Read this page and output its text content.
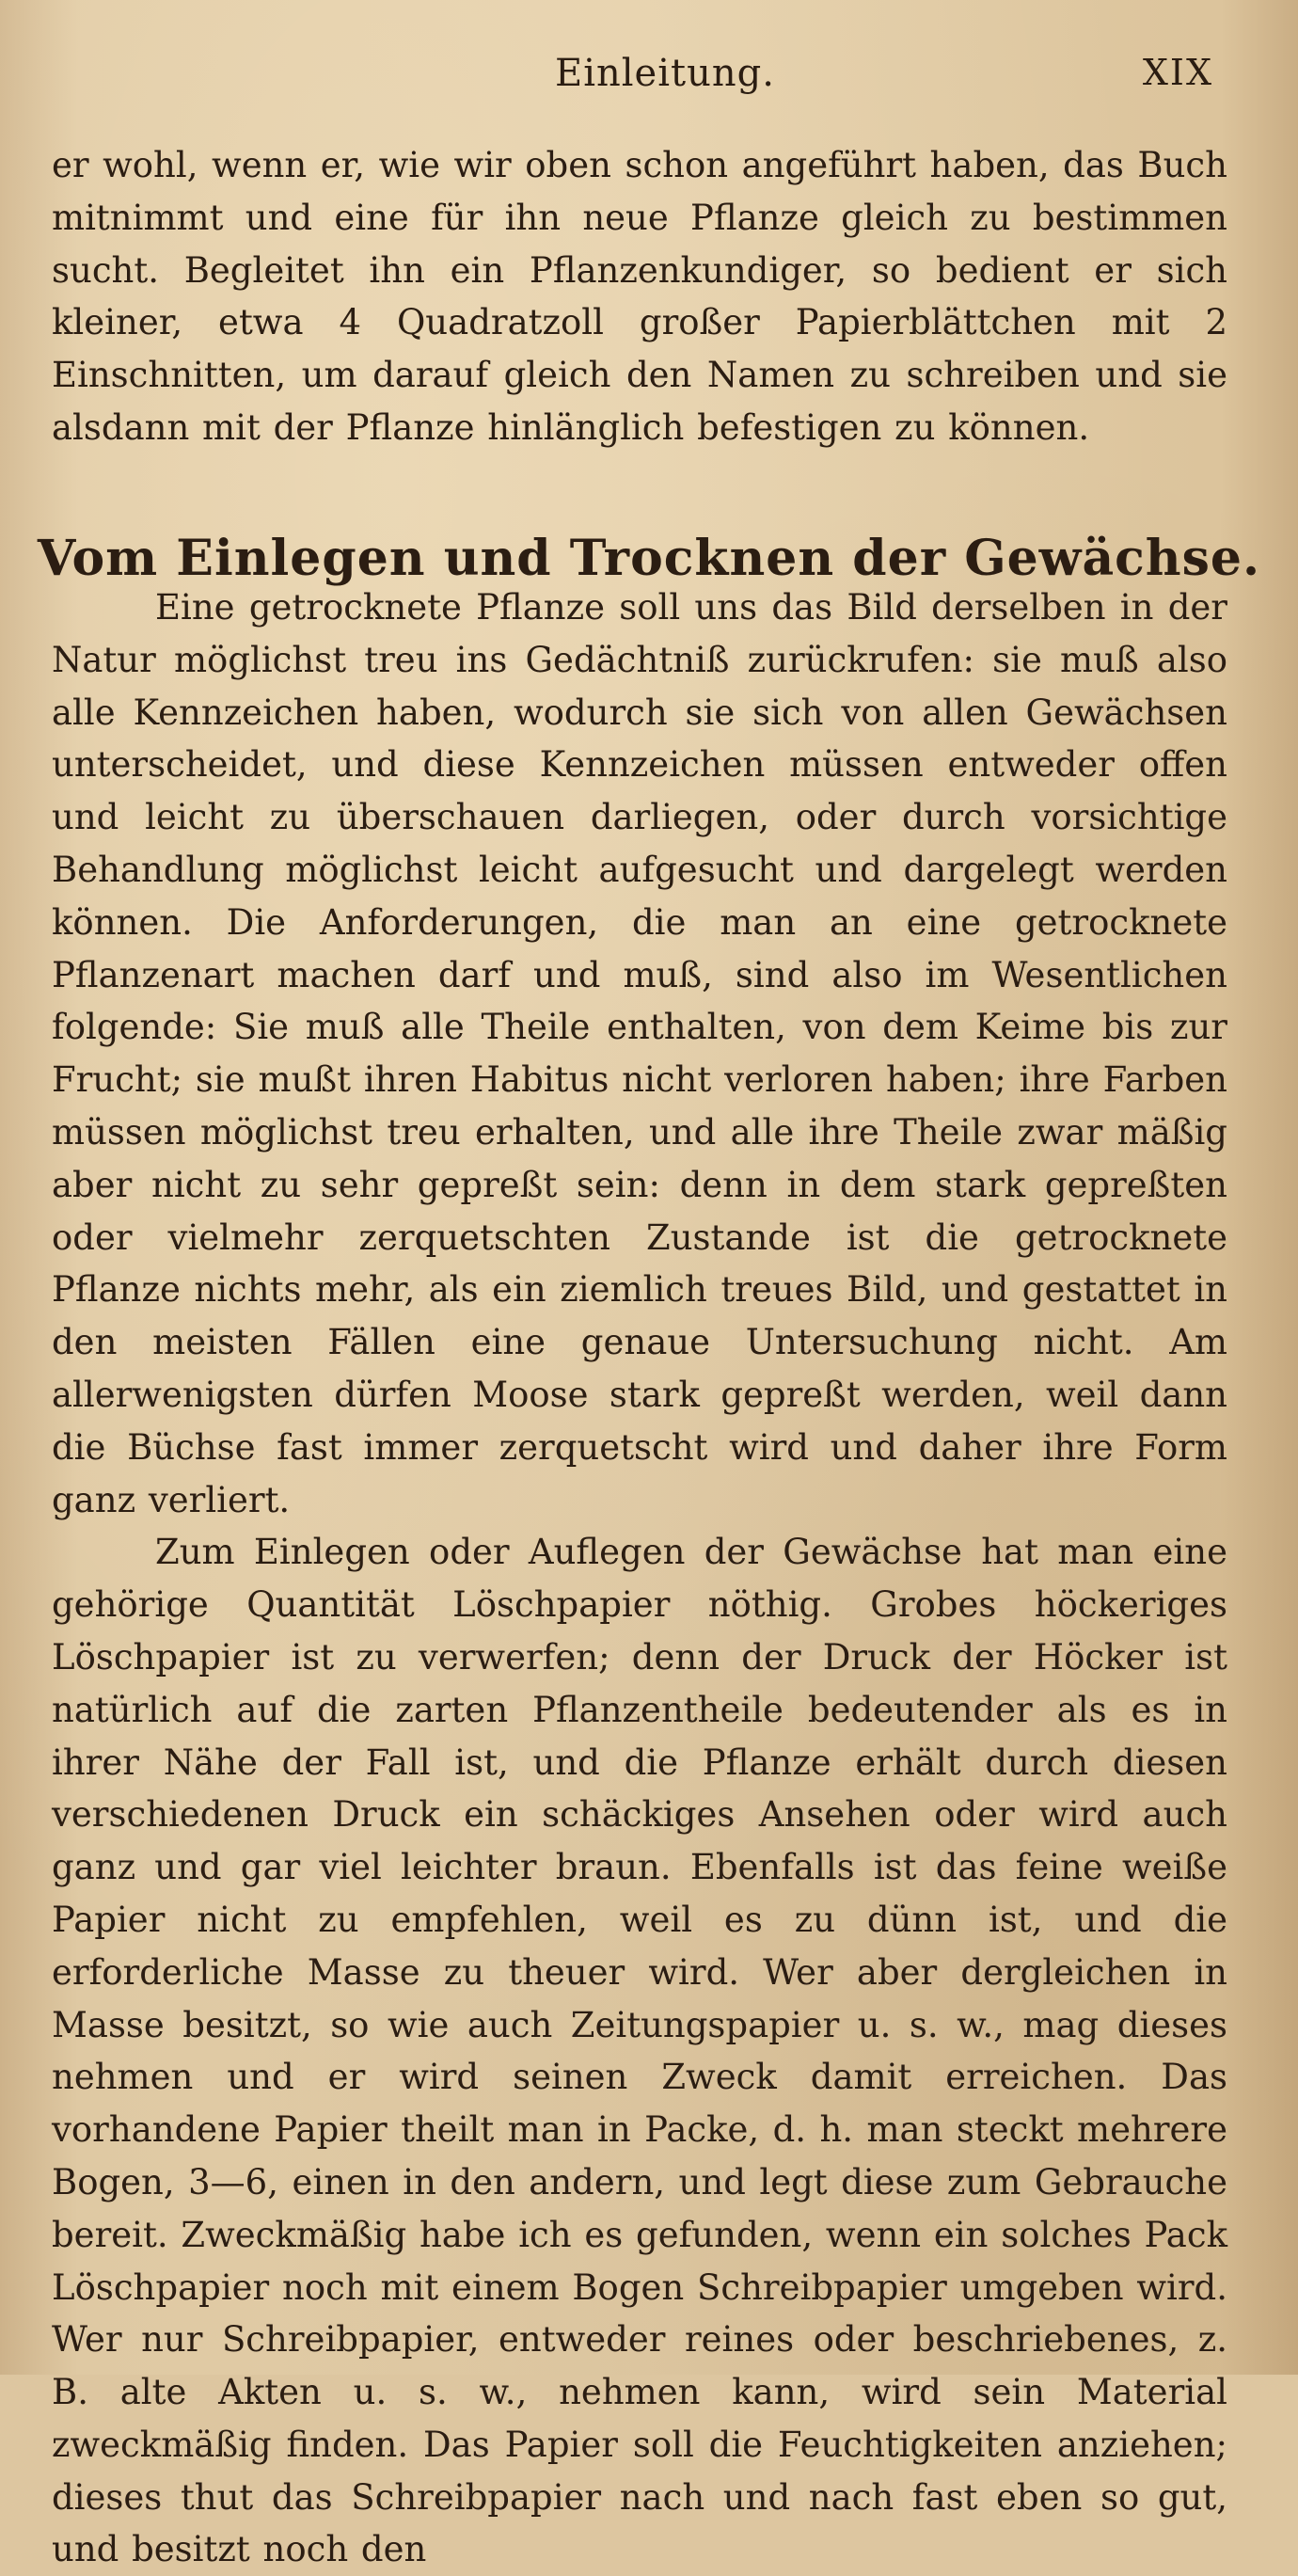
Einleitung.	XIX

er wohl, wenn er, wie wir oben schon angeführt haben, das Buch mitnimmt und eine für ihn neue Pflanze gleich zu bestimmen sucht. Begleitet ihn ein Pflanzenkundiger, so bedient er sich kleiner, etwa 4 Quadratzoll großer Papierblättchen mit 2 Einschnitten, um darauf gleich den Namen zu schreiben und sie alsdann mit der Pflanze hinlänglich befestigen zu können.

Vom Einlegen und Trocknen der Gewächse.

Eine getrocknete Pflanze soll uns das Bild derselben in der Natur möglichst treu ins Gedächtniß zurückrufen: sie muß also alle Kennzeichen haben, wodurch sie sich von allen Gewächsen unterscheidet, und diese Kennzeichen müssen entweder offen und leicht zu überschauen darliegen, oder durch vorsichtige Behandlung möglichst leicht aufgesucht und dargelegt werden können. Die Anforderungen, die man an eine getrocknete Pflanzenart machen darf und muß, sind also im Wesentlichen folgende: Sie muß alle Theile enthalten, von dem Keime bis zur Frucht; sie mußt ihren Habitus nicht verloren haben; ihre Farben müssen möglichst treu erhalten, und alle ihre Theile zwar mäßig aber nicht zu sehr gepreßt sein: denn in dem stark gepreßten oder vielmehr zerquetschten Zustande ist die getrocknete Pflanze nichts mehr, als ein ziemlich treues Bild, und gestattet in den meisten Fällen eine genaue Untersuchung nicht. Am allerwenigsten dürfen Moose stark gepreßt werden, weil dann die Büchse fast immer zerquetscht wird und daher ihre Form ganz verliert.

Zum Einlegen oder Auflegen der Gewächse hat man eine gehörige Quantität Löschpapier nöthig. Grobes höckeriges Löschpapier ist zu verwerfen; denn der Druck der Höcker ist natürlich auf die zarten Pflanzentheile bedeutender als es in ihrer Nähe der Fall ist, und die Pflanze erhält durch diesen verschiedenen Druck ein schäckiges Ansehen oder wird auch ganz und gar viel leichter braun. Ebenfalls ist das feine weiße Papier nicht zu empfehlen, weil es zu dünn ist, und die erforderliche Masse zu theuer wird. Wer aber dergleichen in Masse besitzt, so wie auch Zeitungspapier u. s. w., mag dieses nehmen und er wird seinen Zweck damit erreichen. Das vorhandene Papier theilt man in Packe, d. h. man steckt mehrere Bogen, 3—6, einen in den andern, und legt diese zum Gebrauche bereit. Zweckmäßig habe ich es gefunden, wenn ein solches Pack Löschpapier noch mit einem Bogen Schreibpapier umgeben wird. Wer nur Schreibpapier, entweder reines oder beschriebenes, z. B. alte Akten u. s. w., nehmen kann, wird sein Material zweckmäßig finden. Das Papier soll die Feuchtigkeiten anziehen; dieses thut das Schreibpapier nach und nach fast eben so gut, und besitzt noch den
